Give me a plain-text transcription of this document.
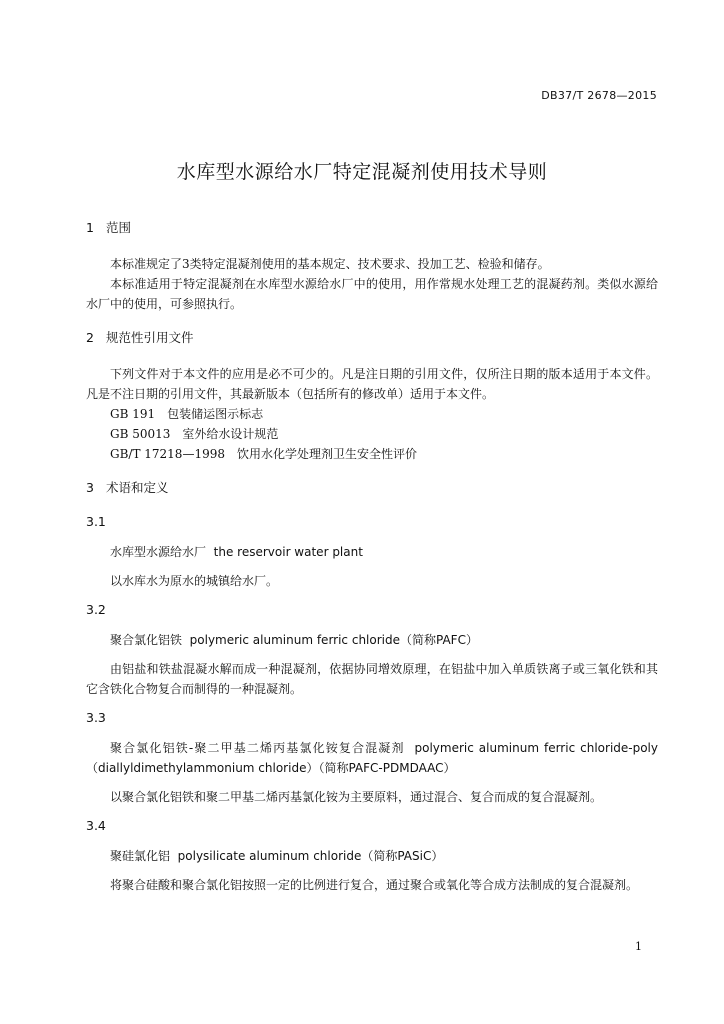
DB37/T 2678—2015
水库型水源给水厂特定混凝剂使用技术导则
1 范围
本标准规定了3类特定混凝剂使用的基本规定、技术要求、投加工艺、检验和储存。
本标准适用于特定混凝剂在水库型水源给水厂中的使用，用作常规水处理工艺的混凝药剂。类似水源给水厂中的使用，可参照执行。
2 规范性引用文件
下列文件对于本文件的应用是必不可少的。凡是注日期的引用文件，仅所注日期的版本适用于本文件。凡是不注日期的引用文件，其最新版本（包括所有的修改单）适用于本文件。
GB 191　包装储运图示标志
GB 50013　室外给水设计规范
GB/T 17218—1998　饮用水化学处理剂卫生安全性评价
3 术语和定义
3.1
水库型水源给水厂 the reservoir water plant
以水库水为原水的城镇给水厂。
3.2
聚合氯化铝铁 polymeric aluminum ferric chloride（简称PAFC）
由铝盐和铁盐混凝水解而成一种混凝剂，依据协同增效原理，在铝盐中加入单质铁离子或三氧化铁和其它含铁化合物复合而制得的一种混凝剂。
3.3
聚合氯化铝铁-聚二甲基二烯丙基氯化铵复合混凝剂 polymeric aluminum ferric chloride-poly（diallyldimethylammonium chloride）（简称PAFC-PDMDAAC）
以聚合氯化铝铁和聚二甲基二烯丙基氯化铵为主要原料，通过混合、复合而成的复合混凝剂。
3.4
聚硅氯化铝 polysilicate aluminum chloride（简称PASiC）
将聚合硅酸和聚合氯化铝按照一定的比例进行复合，通过聚合或氧化等合成方法制成的复合混凝剂。
1
